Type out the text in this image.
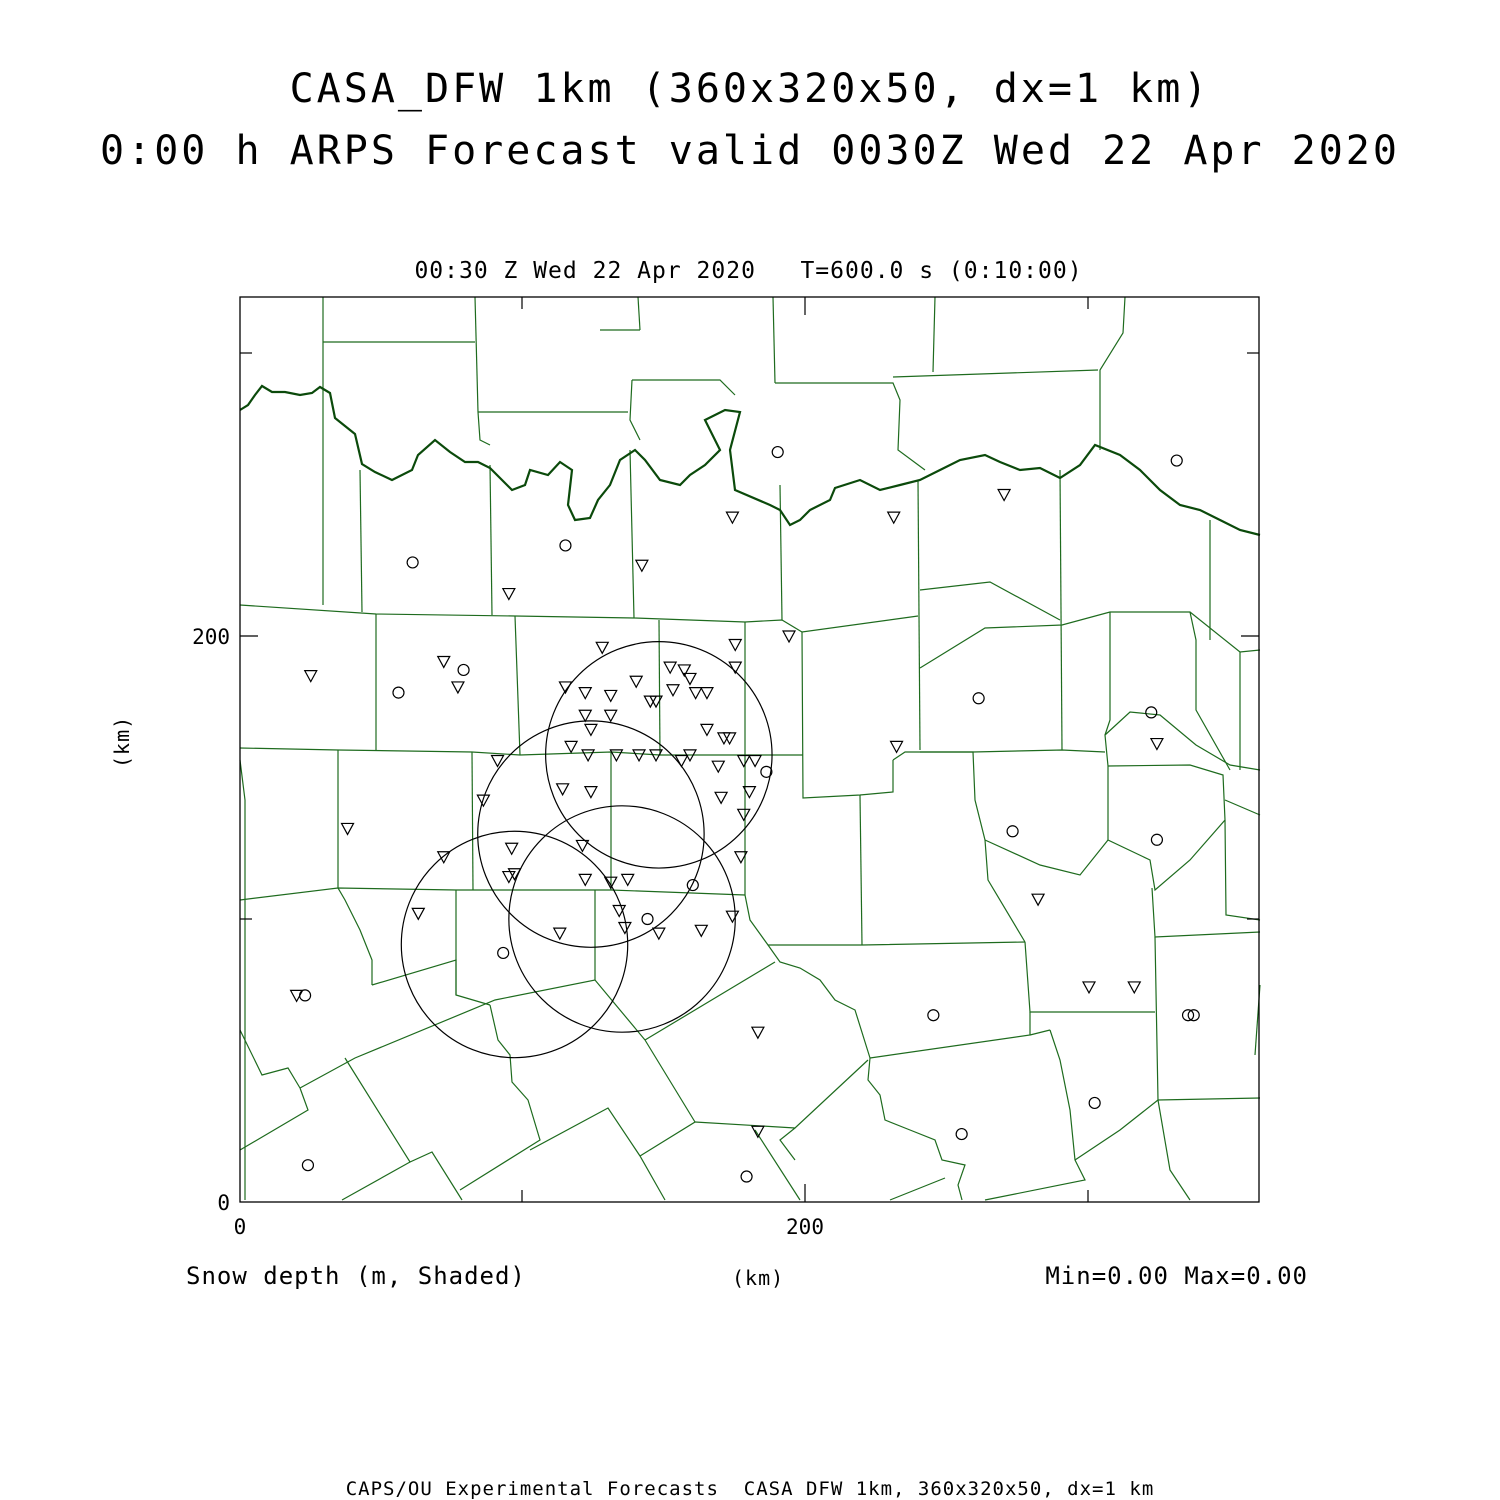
CASA_DFW 1km (360x320x50, dx=1 km)
0:00 h ARPS Forecast valid 0030Z Wed 22 Apr 2020
00:30 Z Wed 22 Apr 2020   T=600.0 s (0:10:00)
0
200
0	200
(km)
Snow depth (m, Shaded)	(km)	Min=0.00 Max=0.00
CAPS/OU Experimental Forecasts  CASA DFW 1km, 360x320x50, dx=1 km
